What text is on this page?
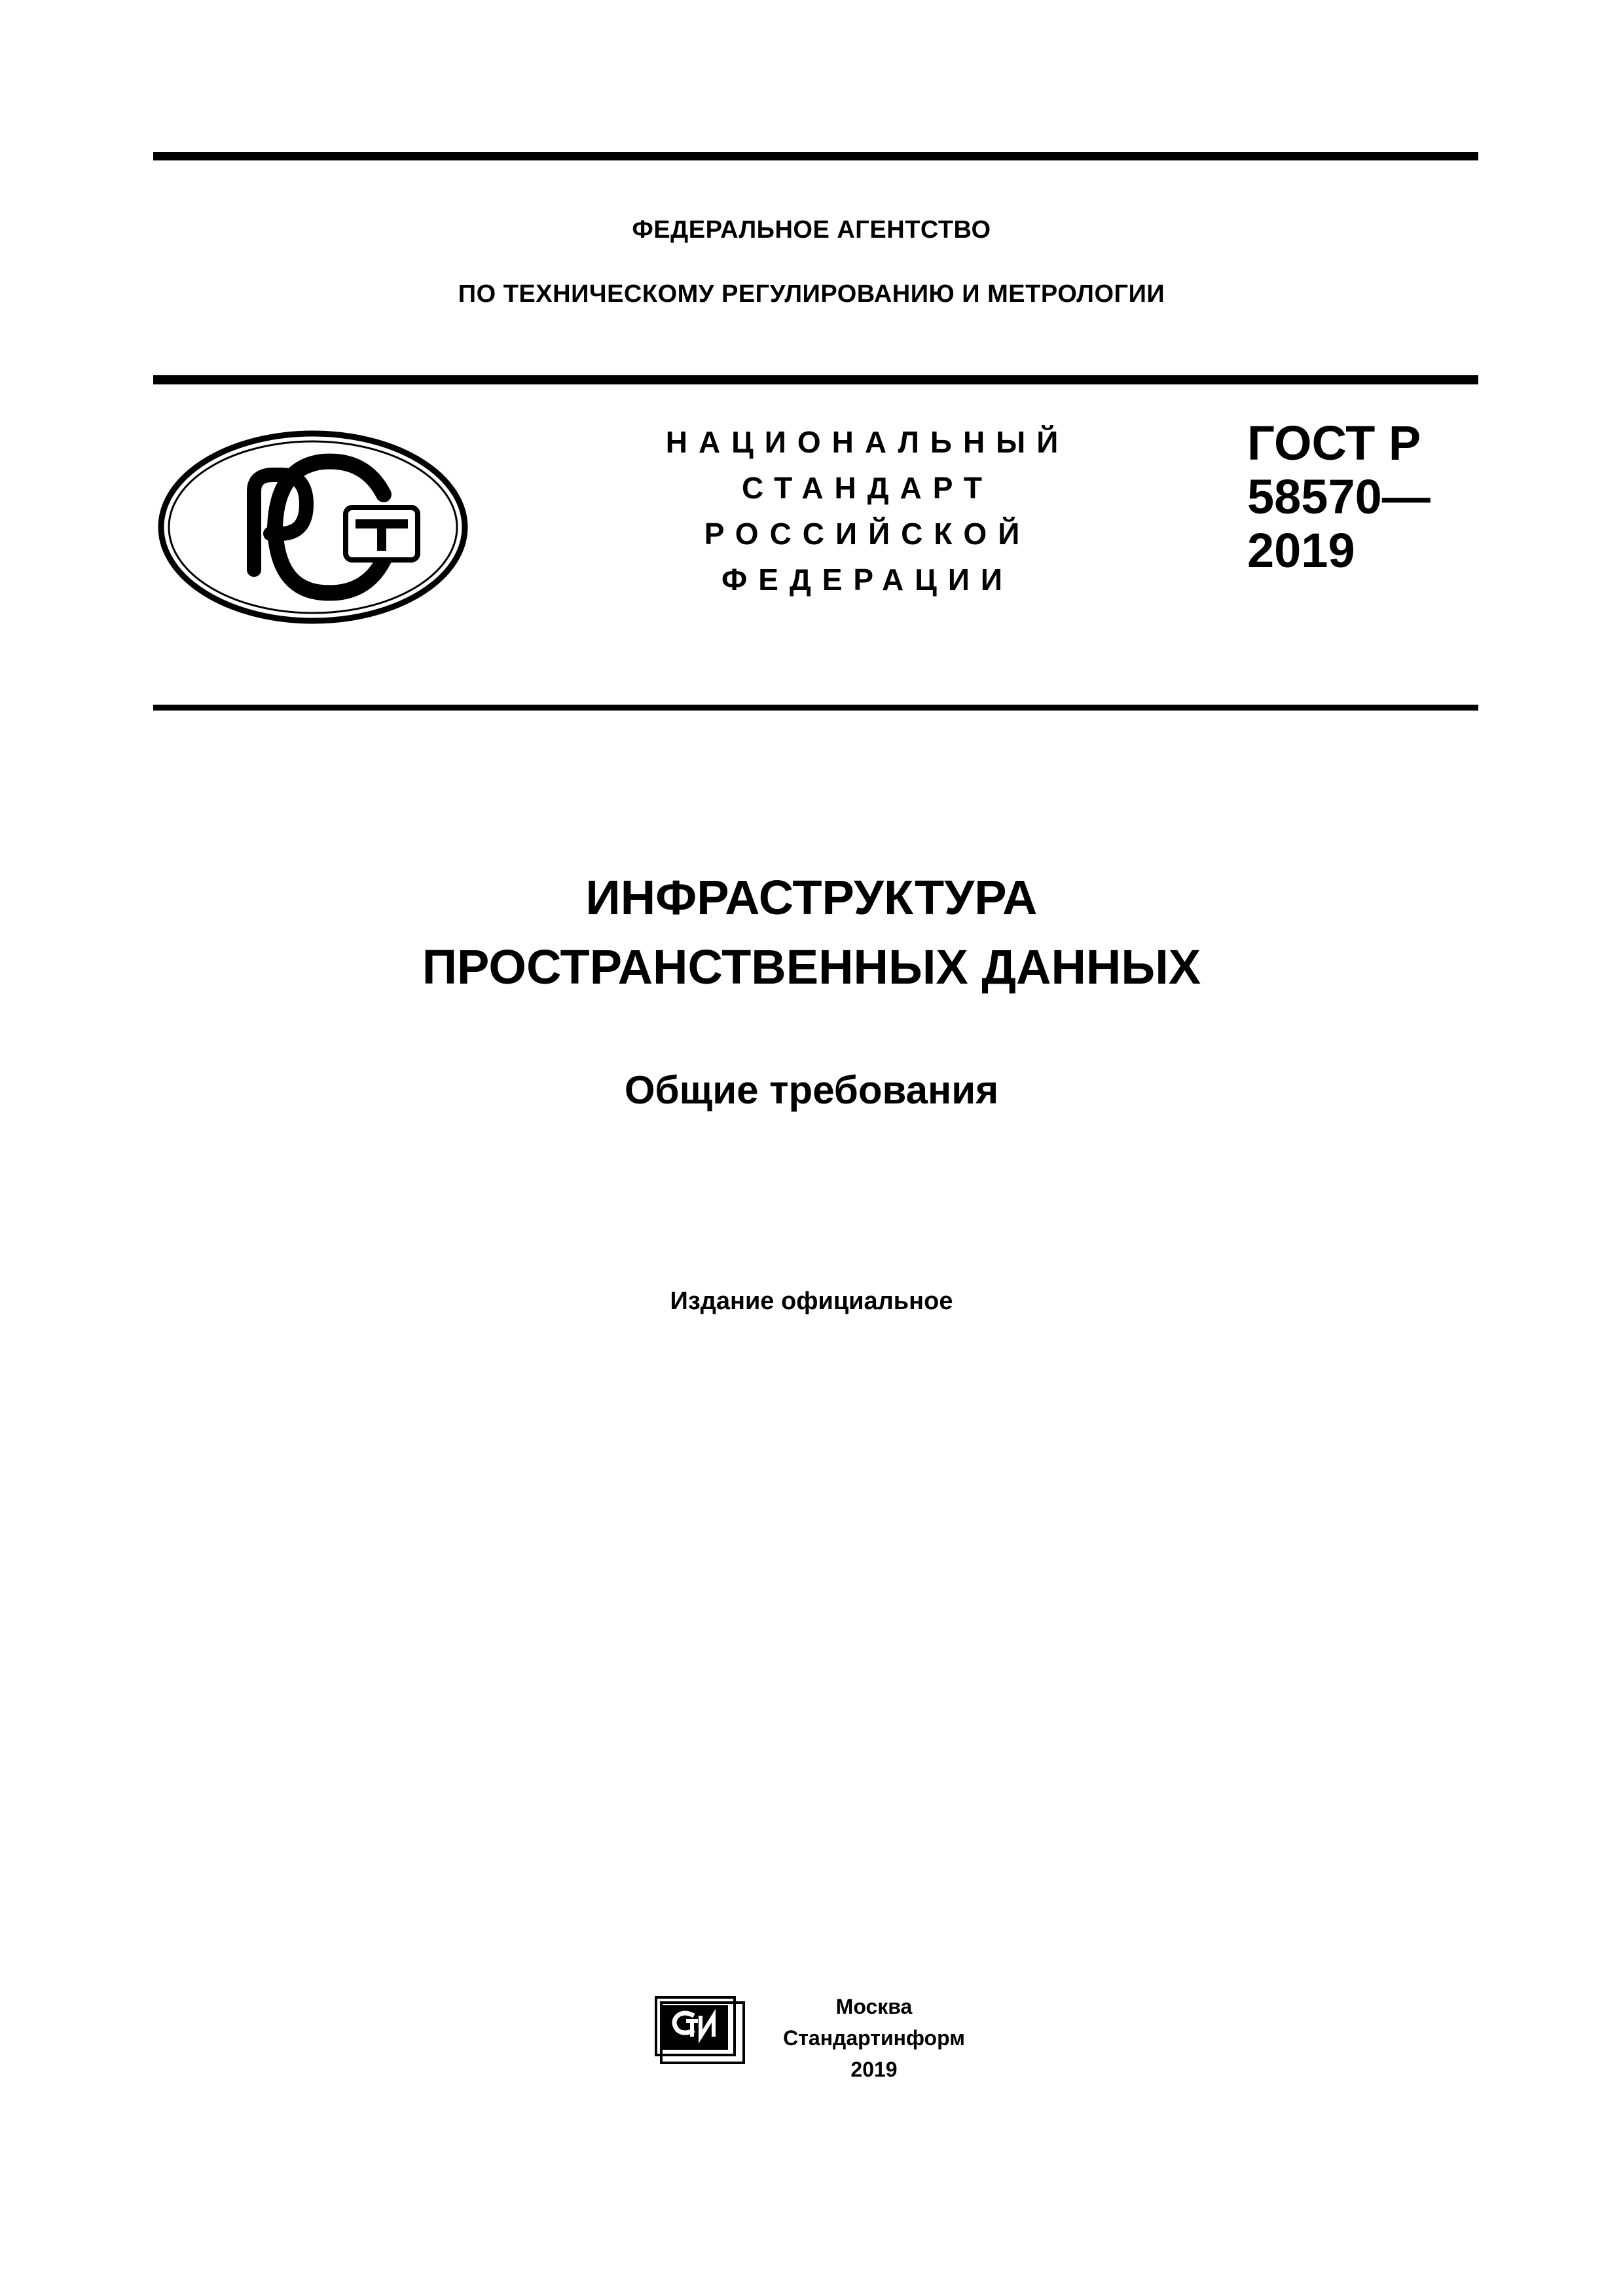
ФЕДЕРАЛЬНОЕ АГЕНТСТВО
ПО ТЕХНИЧЕСКОМУ РЕГУЛИРОВАНИЮ И МЕТРОЛОГИИ
НАЦИОНАЛЬНЫЙ
СТАНДАРТ
РОССИЙСКОЙ
ФЕДЕРАЦИИ
ГОСТ Р
58570—
2019
ИНФРАСТРУКТУРА
ПРОСТРАНСТВЕННЫХ ДАННЫХ
Общие требования
Издание официальное
Москва
Стандартинформ
2019
